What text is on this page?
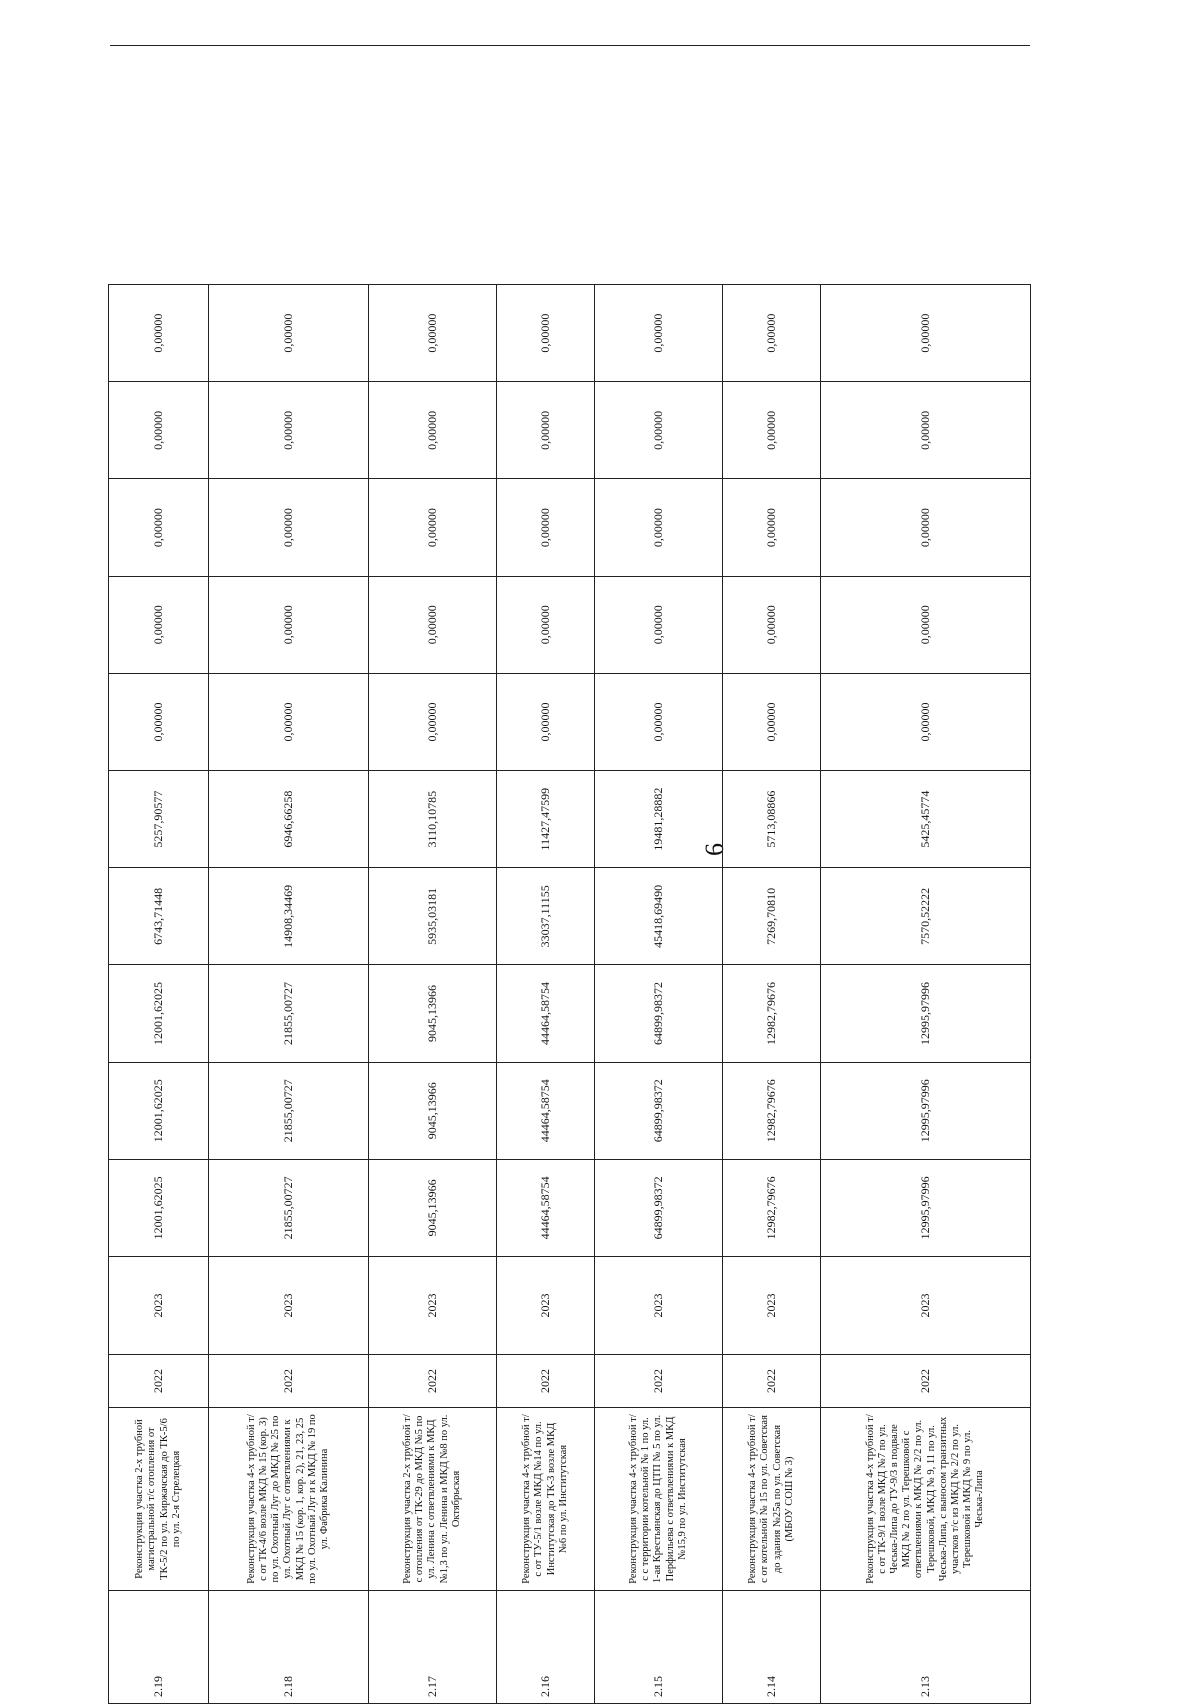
6
2.19	Реконструкция участка 2-х трубной магистральной т/с отопления от ТК-5/2 по ул. Киржачская до ТК-5/6 по ул. 2-я Стрелецкая	2022	2023	12001,62025	12001,62025	12001,62025	6743,71448	5257,90577	0,00000	0,00000	0,00000	0,00000	0,00000
2.18	Реконструкция участка 4-х трубной т/с от ТК-4/6 возле МКД № 15 (кор. 3) по ул. Охотный Луг до МКД № 25 по ул. Охотный Луг с ответвлениями к МКД № 15 (кор. 1, кор. 2), 21, 23, 25 по ул. Охотный Луг и к МКД № 19 по ул. Фабрика Калинина	2022	2023	21855,00727	21855,00727	21855,00727	14908,34469	6946,66258	0,00000	0,00000	0,00000	0,00000	0,00000
2.17	Реконструкция участка 2-х трубной т/с отопления от ТК-29 до МКД №5 по ул. Ленина с ответвлениями к МКД №1,3 по ул. Ленина и МКД №8 по ул. Октябрьская	2022	2023	9045,13966	9045,13966	9045,13966	5935,03181	3110,10785	0,00000	0,00000	0,00000	0,00000	0,00000
2.16	Реконструкция участка 4-х трубной т/с от ТУ-5/1 возле МКД №14 по ул. Институтская до ТК-3 возле МКД №6 по ул. Институтская	2022	2023	44464,58754	44464,58754	44464,58754	33037,11155	11427,47599	0,00000	0,00000	0,00000	0,00000	0,00000
2.15	Реконструкция участка 4-х трубной т/с с территории котельной № 1 по ул. 1-ая Крестьянская до ЦТП № 5 по ул. Перфильева с ответвлениями к МКД №15,9 по ул. Институтская	2022	2023	64899,98372	64899,98372	64899,98372	45418,69490	19481,28882	0,00000	0,00000	0,00000	0,00000	0,00000
2.14	Реконструкция участка 4-х трубной т/с от котельной № 15 по ул. Советская до здания №25а по ул. Советская (МБОУ СОШ № 3)	2022	2023	12982,79676	12982,79676	12982,79676	7269,70810	5713,08866	0,00000	0,00000	0,00000	0,00000	0,00000
2.13	Реконструкция участка 4-х трубной т/с от ТК-9/1 возле МКД №7 по ул. Чеська-Липа до ТУ-9/3 в подвале МКД № 2 по ул. Терешковой с ответвлениями к МКД № 2/2 по ул. Терешковой, МКД № 9, 11 по ул. Чеська-Липа, с выносом транзитных участков т/с из МКД № 2/2 по ул. Терешковой и МКД № 9 по ул. Чеська-Липа	2022	2023	12995,97996	12995,97996	12995,97996	7570,52222	5425,45774	0,00000	0,00000	0,00000	0,00000	0,00000
